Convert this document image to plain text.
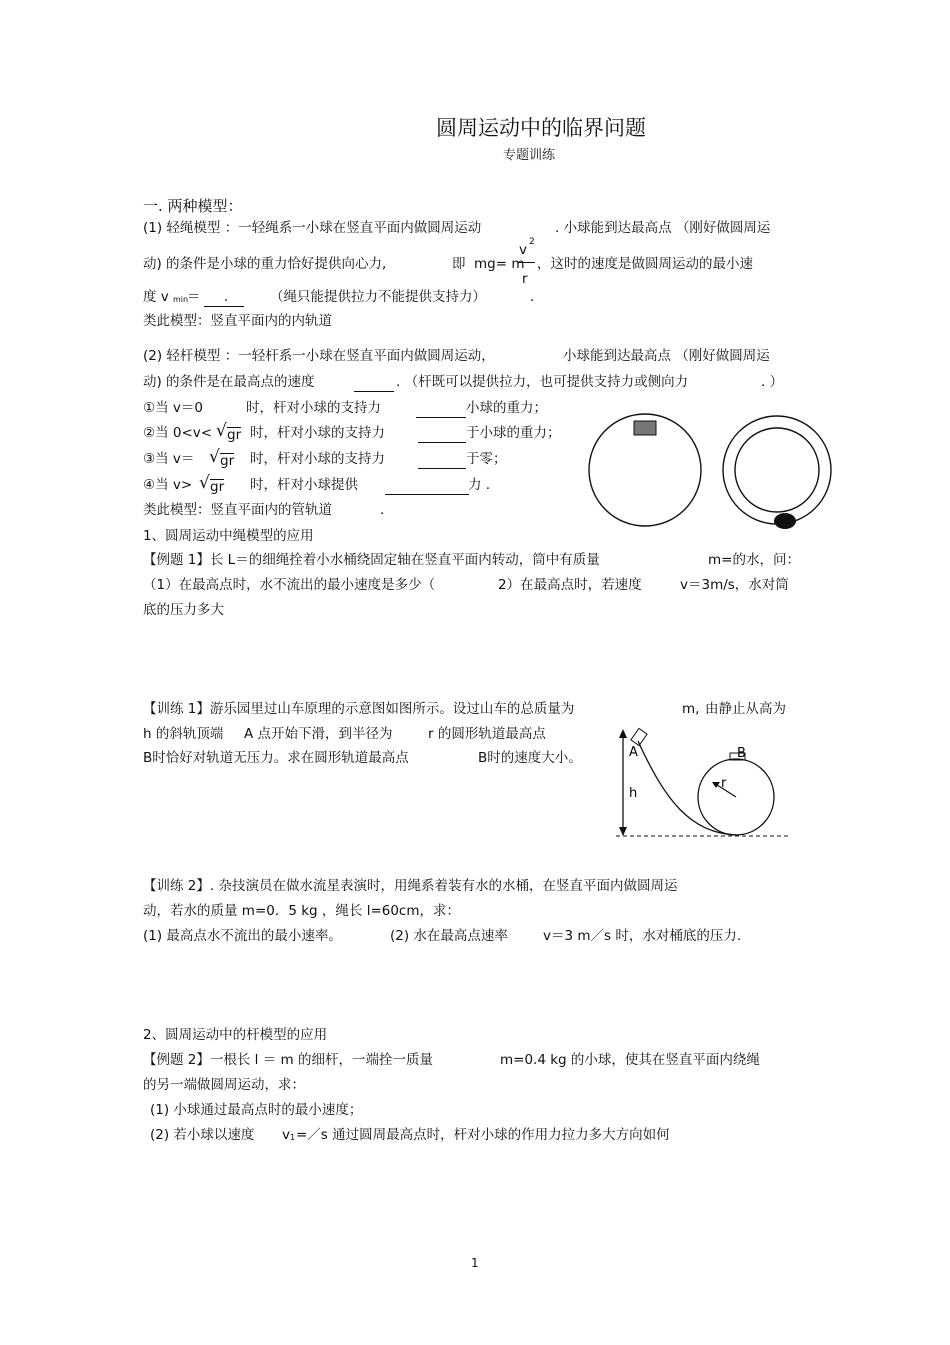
圆周运动中的临界问题
专题训练
一. 两种模型：
(1) 轻绳模型 ：一轻绳系一小球在竖直平面内做圆周运动	. 小球能到达最高点 （刚好做圆周运
动) 的条件是小球的重力恰好提供向心力,	即 mg= m
v 2
r
，这时的速度是做圆周运动的最小速
度 v min
＝ .	（绳只能提供拉力不能提供支持力）	.
类此模型：竖直平面内的内轨道
(2) 轻杆模型 ：一轻杆系一小球在竖直平面内做圆周运动，	小球能到达最高点 （刚好做圆周运
动) 的条件是在最高点的速度	. （杆既可以提供拉力，也可提供支持力或侧向力	. ）
①当 v＝0	时，杆对小球的支持力	小球的重力；
②当 0<v< √ gr 时，杆对小球的支持力	于小球的重力；
③当 v＝ √ gr 时，杆对小球的支持力	于零；
④当 v> √ gr 时，杆对小球提供	力 .
类此模型：竖直平面内的管轨道	.
1、圆周运动中绳模型的应用
【例题 1】长 L＝的细绳拴着小水桶绕固定轴在竖直平面内转动，筒中有质量	m=的水，问：
（1）在最高点时，水不流出的最小速度是多少（	2）在最高点时，若速度	v＝3m/s，水对筒
底的压力多大
【训练 1】游乐园里过山车原理的示意图如图所示。设过山车的总质量为	m, 由静止从高为
h 的斜轨顶端 A 点开始下滑，到半径为	r 的圆形轨道最高点
B时恰好对轨道无压力。求在圆形轨道最高点	B时的速度大小。	A	B
h
r
【训练 2】. 杂技演员在做水流星表演时，用绳系着装有水的水桶，在竖直平面内做圆周运
动，若水的质量 m=0．5 kg ，绳长 l=60cm，求：
(1) 最高点水不流出的最小速率。	(2) 水在最高点速率	v＝3 m／s 时，水对桶底的压力.
2、圆周运动中的杆模型的应用
【例题 2】一根长 l ＝ m 的细杆，一端拴一质量	m=0.4 kg 的小球，使其在竖直平面内绕绳
的另一端做圆周运动，求：
(1) 小球通过最高点时的最小速度；
(2) 若小球以速度 v 1 =／s 通过圆周最高点时，杆对小球的作用力拉力多大方向如何
1
